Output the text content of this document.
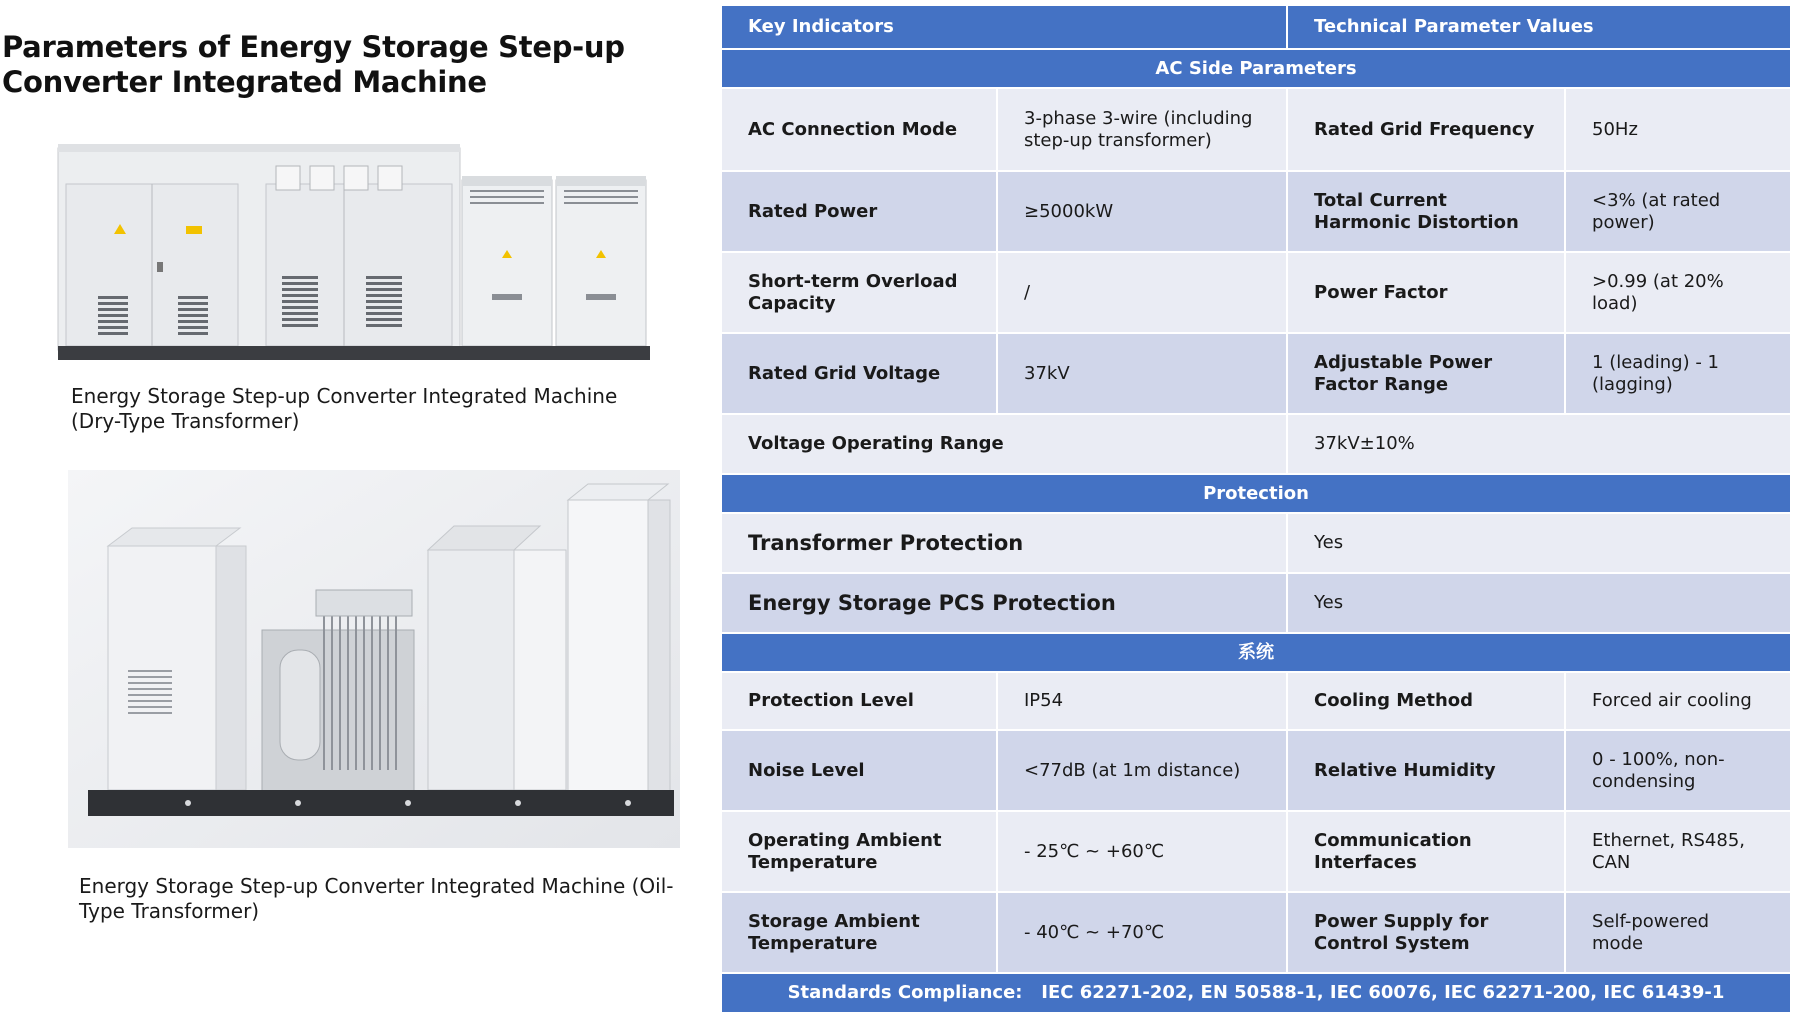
Parameters of Energy Storage Step-up Converter Integrated Machine
Energy Storage Step-up Converter Integrated Machine (Dry-Type Transformer)
Energy Storage Step-up Converter Integrated Machine (Oil-Type Transformer)
Key Indicators		Technical Parameter Values	
AC Side Parameters			
AC Connection Mode	3-phase 3-wire (including step-up transformer)	Rated Grid Frequency	50Hz
Rated Power	≥5000kW	Total Current Harmonic Distortion	<3% (at rated power)
Short-term Overload Capacity	/	Power Factor	>0.99 (at 20% load)
Rated Grid Voltage	37kV	Adjustable Power Factor Range	1 (leading) - 1 (lagging)
Voltage Operating Range		37kV±10%	
Protection			
Transformer Protection		Yes	
Energy Storage PCS Protection		Yes	
系统			
Protection Level	IP54	Cooling Method	Forced air cooling
Noise Level	<77dB (at 1m distance)	Relative Humidity	0 - 100%, non-condensing
Operating Ambient Temperature	- 25℃ ~ +60℃	Communication Interfaces	Ethernet, RS485, CAN
Storage Ambient Temperature	- 40℃ ~ +70℃	Power Supply for Control System	Self-powered mode
Standards Compliance:   IEC 62271-202, EN 50588-1, IEC 60076, IEC 62271-200, IEC 61439-1			
